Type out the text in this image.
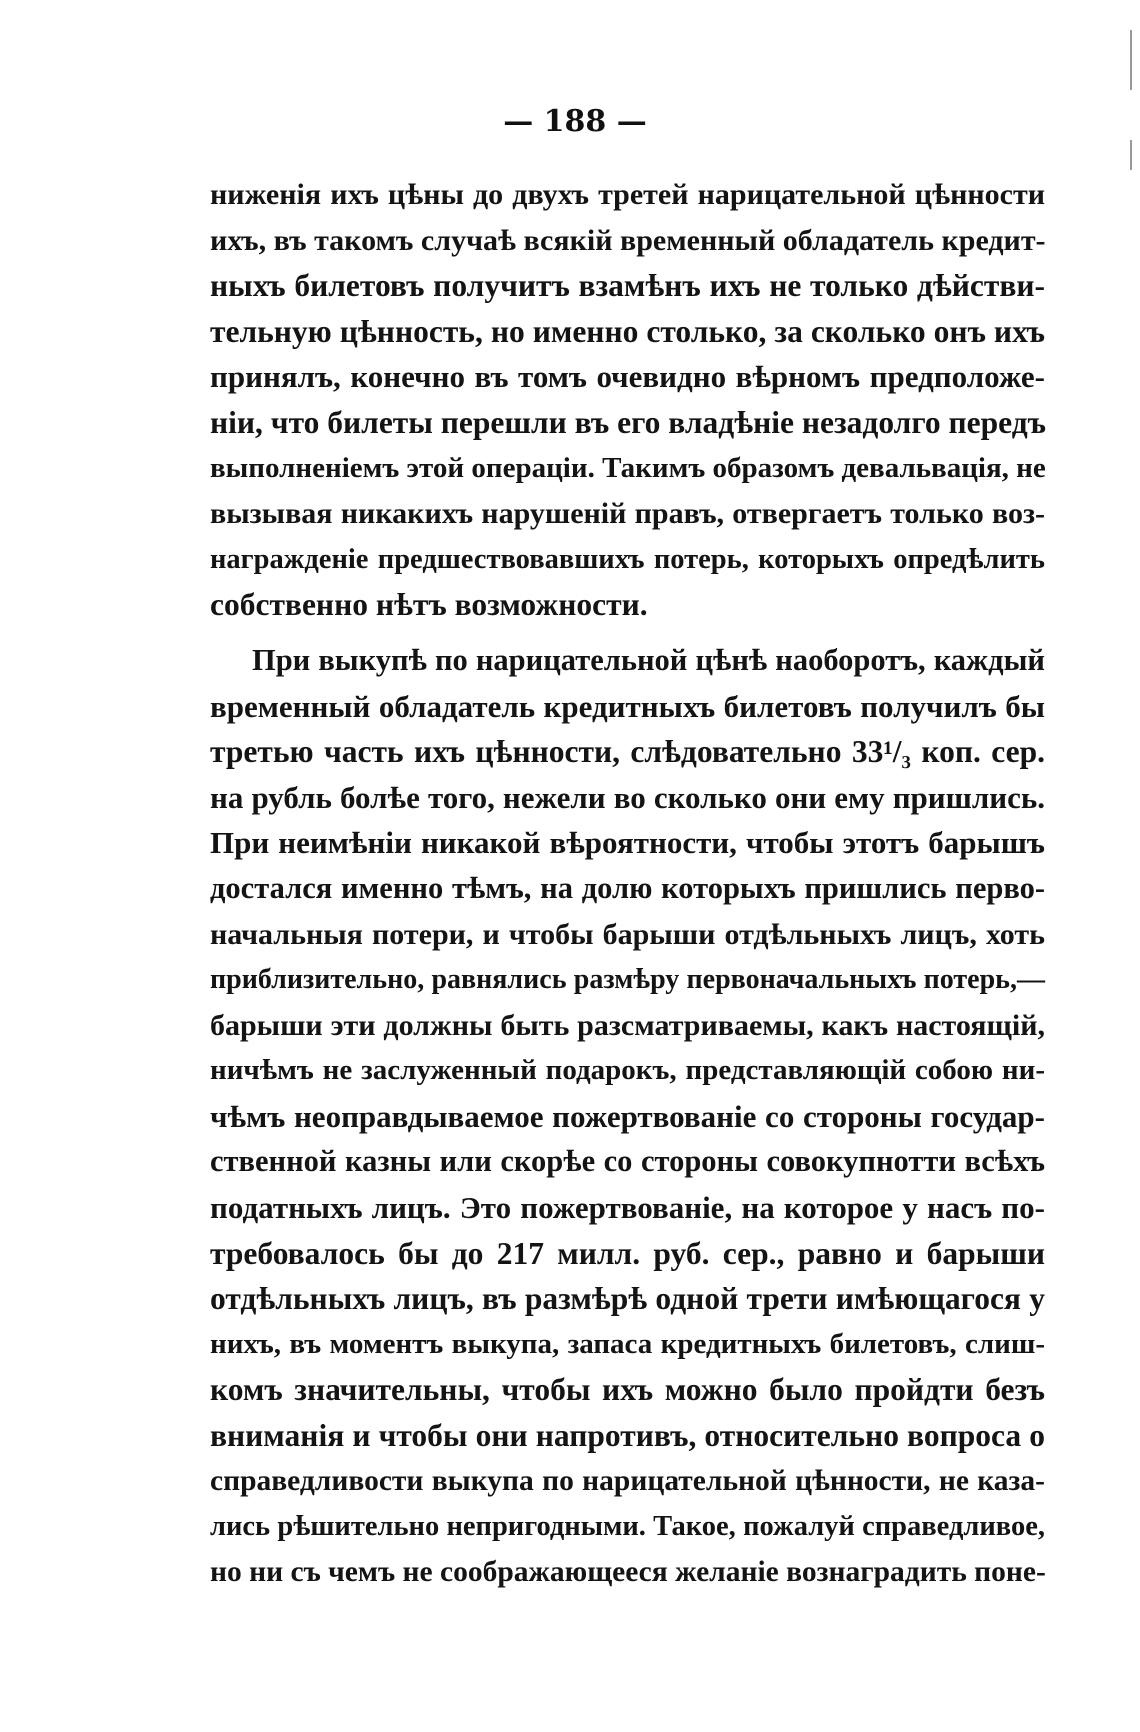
— 188 —
ниженія ихъ цѣны до двухъ третей нарицательной цѣнности
ихъ, въ такомъ случаѣ всякій временный обладатель кредит-
ныхъ билетовъ получитъ взамѣнъ ихъ не только дѣйстви-
тельную цѣнность, но именно столько, за сколько онъ ихъ
принялъ, конечно въ томъ очевидно вѣрномъ предположе-
ніи, что билеты перешли въ его владѣніе незадолго передъ
выполненіемъ этой операціи. Такимъ образомъ девальвація, не
вызывая никакихъ нарушеній правъ, отвергаетъ только воз-
награжденіе предшествовавшихъ потерь, которыхъ опредѣлить
собственно нѣтъ возможности.
При выкупѣ по нарицательной цѣнѣ наоборотъ, каждый
временный обладатель кредитныхъ билетовъ получилъ бы
третью часть ихъ цѣнности, слѣдовательно 33¹/₃ коп. сер.
на рубль болѣе того, нежели во сколько они ему пришлись.
При неимѣніи никакой вѣроятности, чтобы этотъ барышъ
достался именно тѣмъ, на долю которыхъ пришлись перво-
начальныя потери, и чтобы барыши отдѣльныхъ лицъ, хоть
приблизительно, равнялись размѣру первоначальныхъ потерь,—
барыши эти должны быть разсматриваемы, какъ настоящій,
ничѣмъ не заслуженный подарокъ, представляющій собою ни-
чѣмъ неоправдываемое пожертвованіе со стороны государ-
ственной казны или скорѣе со стороны совокупнотти всѣхъ
податныхъ лицъ. Это пожертвованіе, на которое у насъ по-
требовалось бы до 217 милл. руб. сер., равно и барыши
отдѣльныхъ лицъ, въ размѣрѣ одной трети имѣющагося у
нихъ, въ моментъ выкупа, запаса кредитныхъ билетовъ, слиш-
комъ значительны, чтобы ихъ можно было пройдти безъ
вниманія и чтобы они напротивъ, относительно вопроса о
справедливости выкупа по нарицательной цѣнности, не каза-
лись рѣшительно непригодными. Такое, пожалуй справедливое,
но ни съ чемъ не соображающееся желаніе вознаградить поне-
